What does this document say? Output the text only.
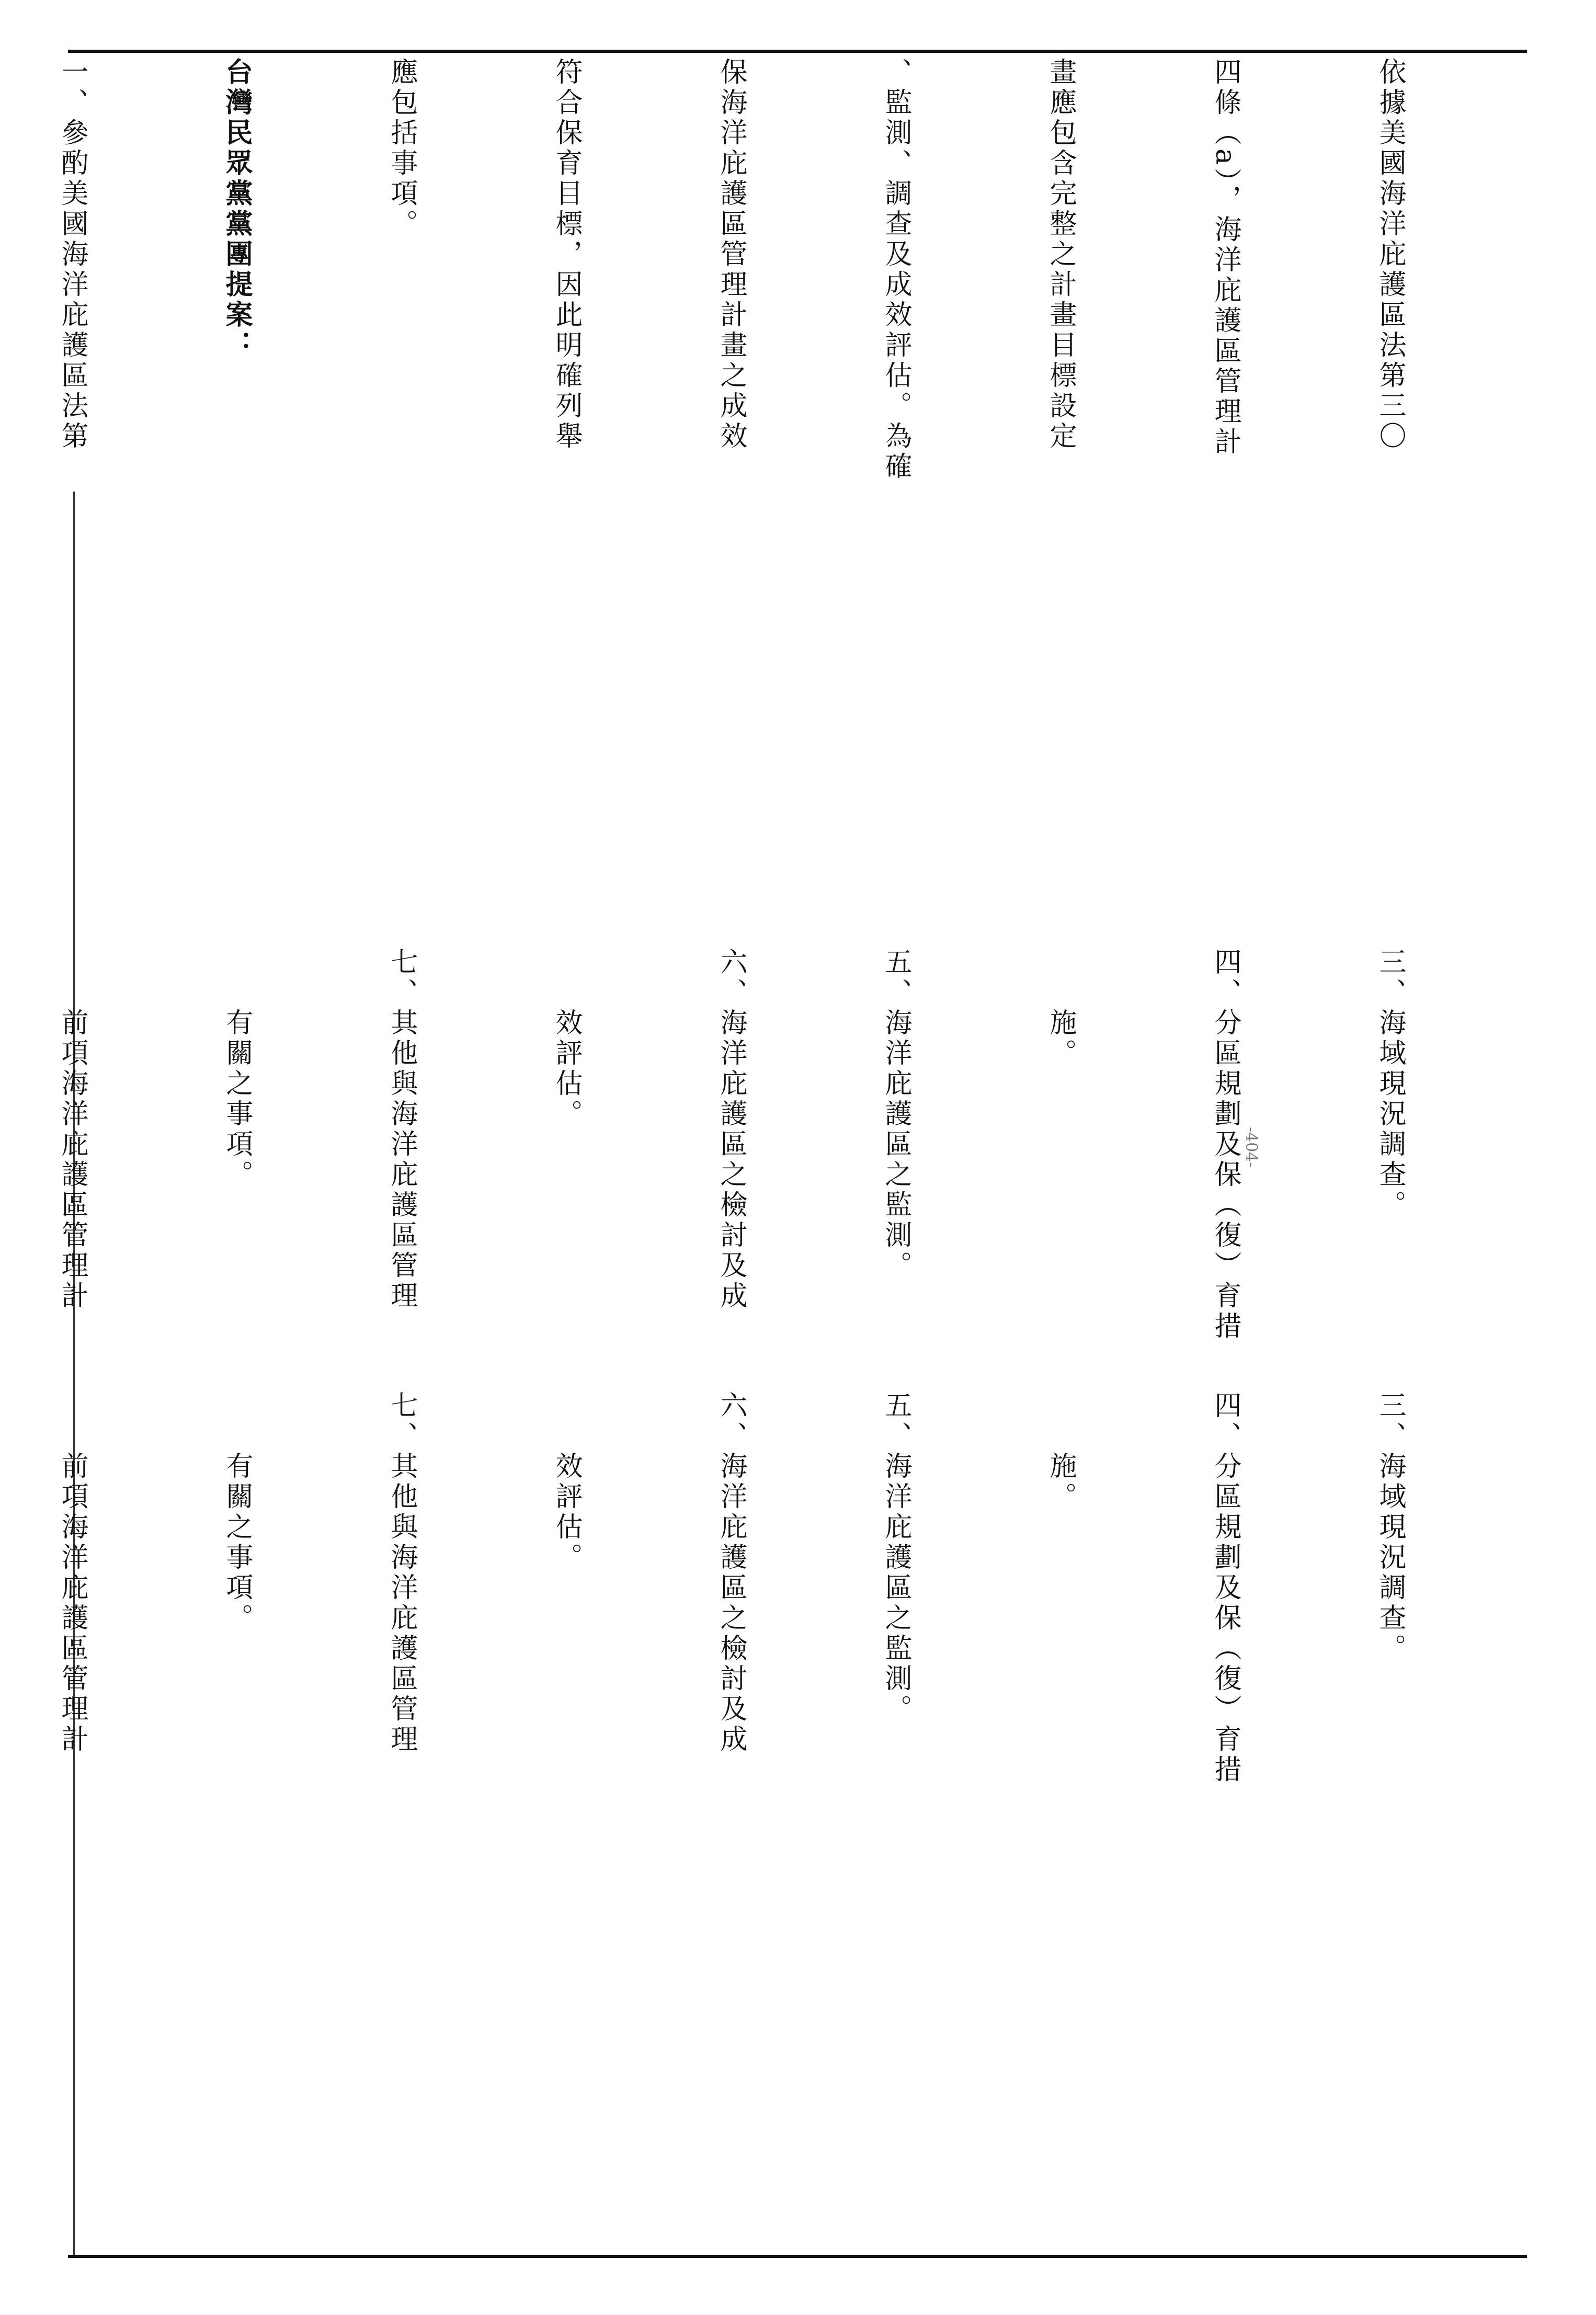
三、海域現況調查。

四、分區規劃及保（復）育措

　　施。

五、海洋庇護區之監測。

六、海洋庇護區之檢討及成

　　效評估。

七、其他與海洋庇護區管理

　　有關之事項。

　　前項海洋庇護區管理計

三、海域現況調查。

四、分區規劃及保（復）育措

　　施。

五、海洋庇護區之監測。

六、海洋庇護區之檢討及成

　　效評估。

七、其他與海洋庇護區管理

　　有關之事項。

　　前項海洋庇護區管理計

依據美國海洋庇護區法第三〇

四條（a），海洋庇護區管理計

畫應包含完整之計畫目標設定

、監測、調查及成效評估。為確

保海洋庇護區管理計畫之成效

符合保育目標，因此明確列舉

應包括事項。

台灣民眾黨黨團提案：

一、參酌美國海洋庇護區法第

-404-
